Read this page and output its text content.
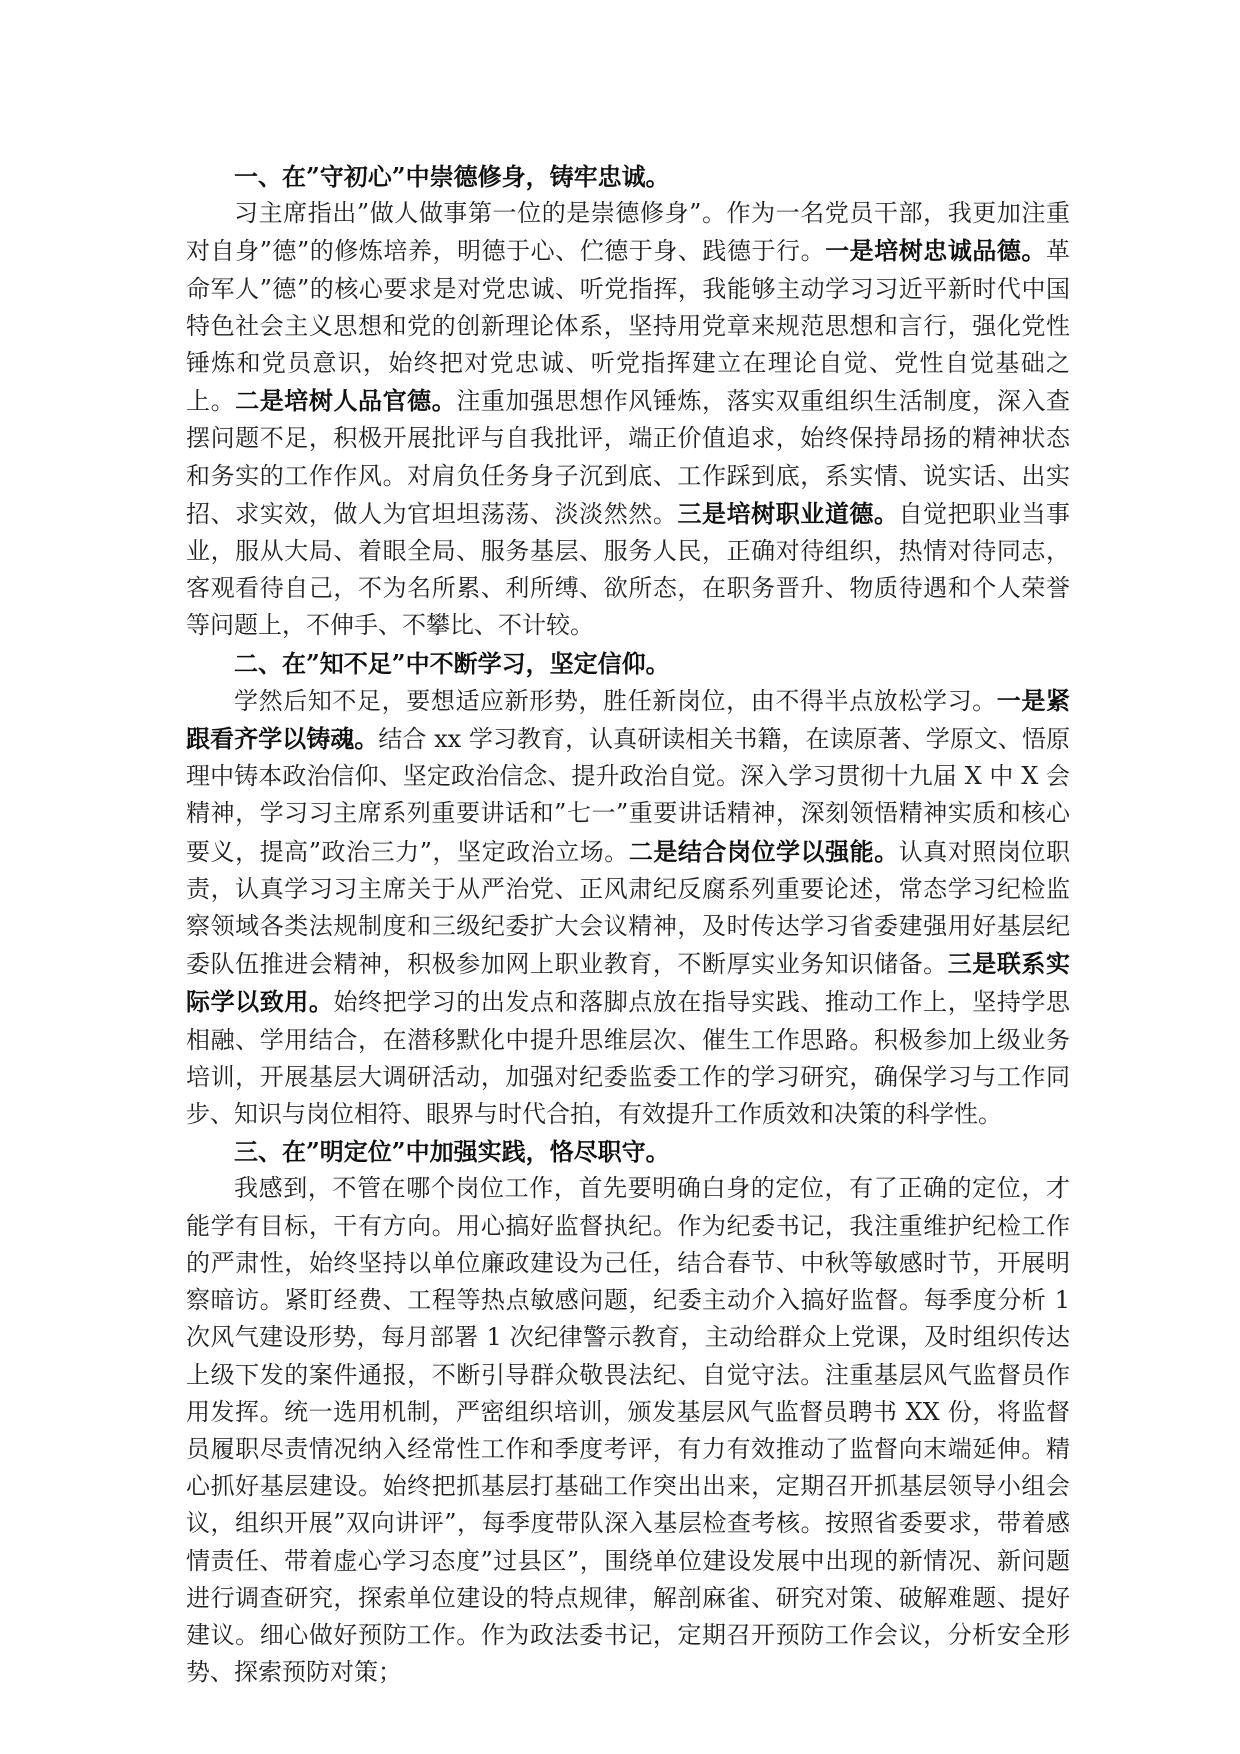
一、在”守初心”中崇德修身，铸牢忠诚。

习主席指出”做人做事第一位的是崇德修身”。作为一名党员干部，我更加注重对自身”德”的修炼培养，明德于心、伫德于身、践德于行。一是培树忠诚品德。革命军人”德”的核心要求是对党忠诚、听党指挥，我能够主动学习习近平新时代中国特色社会主义思想和党的创新理论体系，坚持用党章来规范思想和言行，强化党性锤炼和党员意识，始终把对党忠诚、听党指挥建立在理论自觉、党性自觉基础之上。二是培树人品官德。注重加强思想作风锤炼，落实双重组织生活制度，深入查摆问题不足，积极开展批评与自我批评，端正价值追求，始终保持昂扬的精神状态和务实的工作作风。对肩负任务身子沉到底、工作踩到底，系实情、说实话、出实招、求实效，做人为官坦坦荡荡、淡淡然然。三是培树职业道德。自觉把职业当事业，服从大局、着眼全局、服务基层、服务人民，正确对待组织，热情对待同志，客观看待自己，不为名所累、利所缚、欲所态，在职务晋升、物质待遇和个人荣誉等问题上，不伸手、不攀比、不计较。

二、在”知不足”中不断学习，坚定信仰。

学然后知不足，要想适应新形势，胜任新岗位，由不得半点放松学习。一是紧跟看齐学以铸魂。结合 xx 学习教育，认真研读相关书籍，在读原著、学原文、悟原理中铸本政治信仰、坚定政治信念、提升政治自觉。深入学习贯彻十九届 X 中 X 会精神，学习习主席系列重要讲话和”七一”重要讲话精神，深刻领悟精神实质和核心要义，提高”政治三力”，坚定政治立场。二是结合岗位学以强能。认真对照岗位职责，认真学习习主席关于从严治党、正风肃纪反腐系列重要论述，常态学习纪检监察领域各类法规制度和三级纪委扩大会议精神，及时传达学习省委建强用好基层纪委队伍推进会精神，积极参加网上职业教育，不断厚实业务知识储备。三是联系实际学以致用。始终把学习的出发点和落脚点放在指导实践、推动工作上，坚持学思相融、学用结合，在潜移默化中提升思维层次、催生工作思路。积极参加上级业务培训，开展基层大调研活动，加强对纪委监委工作的学习研究，确保学习与工作同步、知识与岗位相符、眼界与时代合拍，有效提升工作质效和决策的科学性。

三、在”明定位”中加强实践，恪尽职守。

我感到，不管在哪个岗位工作，首先要明确白身的定位，有了正确的定位，才能学有目标，干有方向。用心搞好监督执纪。作为纪委书记，我注重维护纪检工作的严肃性，始终坚持以单位廉政建设为己任，结合春节、中秋等敏感时节，开展明察暗访。紧盯经费、工程等热点敏感问题，纪委主动介入搞好监督。每季度分析 1 次风气建设形势，每月部署 1 次纪律警示教育，主动给群众上党课，及时组织传达上级下发的案件通报，不断引导群众敬畏法纪、自觉守法。注重基层风气监督员作用发挥。统一选用机制，严密组织培训，颁发基层风气监督员聘书 XX 份，将监督员履职尽责情况纳入经常性工作和季度考评，有力有效推动了监督向末端延伸。精心抓好基层建设。始终把抓基层打基础工作突出出来，定期召开抓基层领导小组会议，组织开展”双向讲评”，每季度带队深入基层检查考核。按照省委要求，带着感情责任、带着虚心学习态度”过县区”，围绕单位建设发展中出现的新情况、新问题进行调查研究，探索单位建设的特点规律，解剖麻雀、研究对策、破解难题、提好建议。细心做好预防工作。作为政法委书记，定期召开预防工作会议，分析安全形势、探索预防对策；
